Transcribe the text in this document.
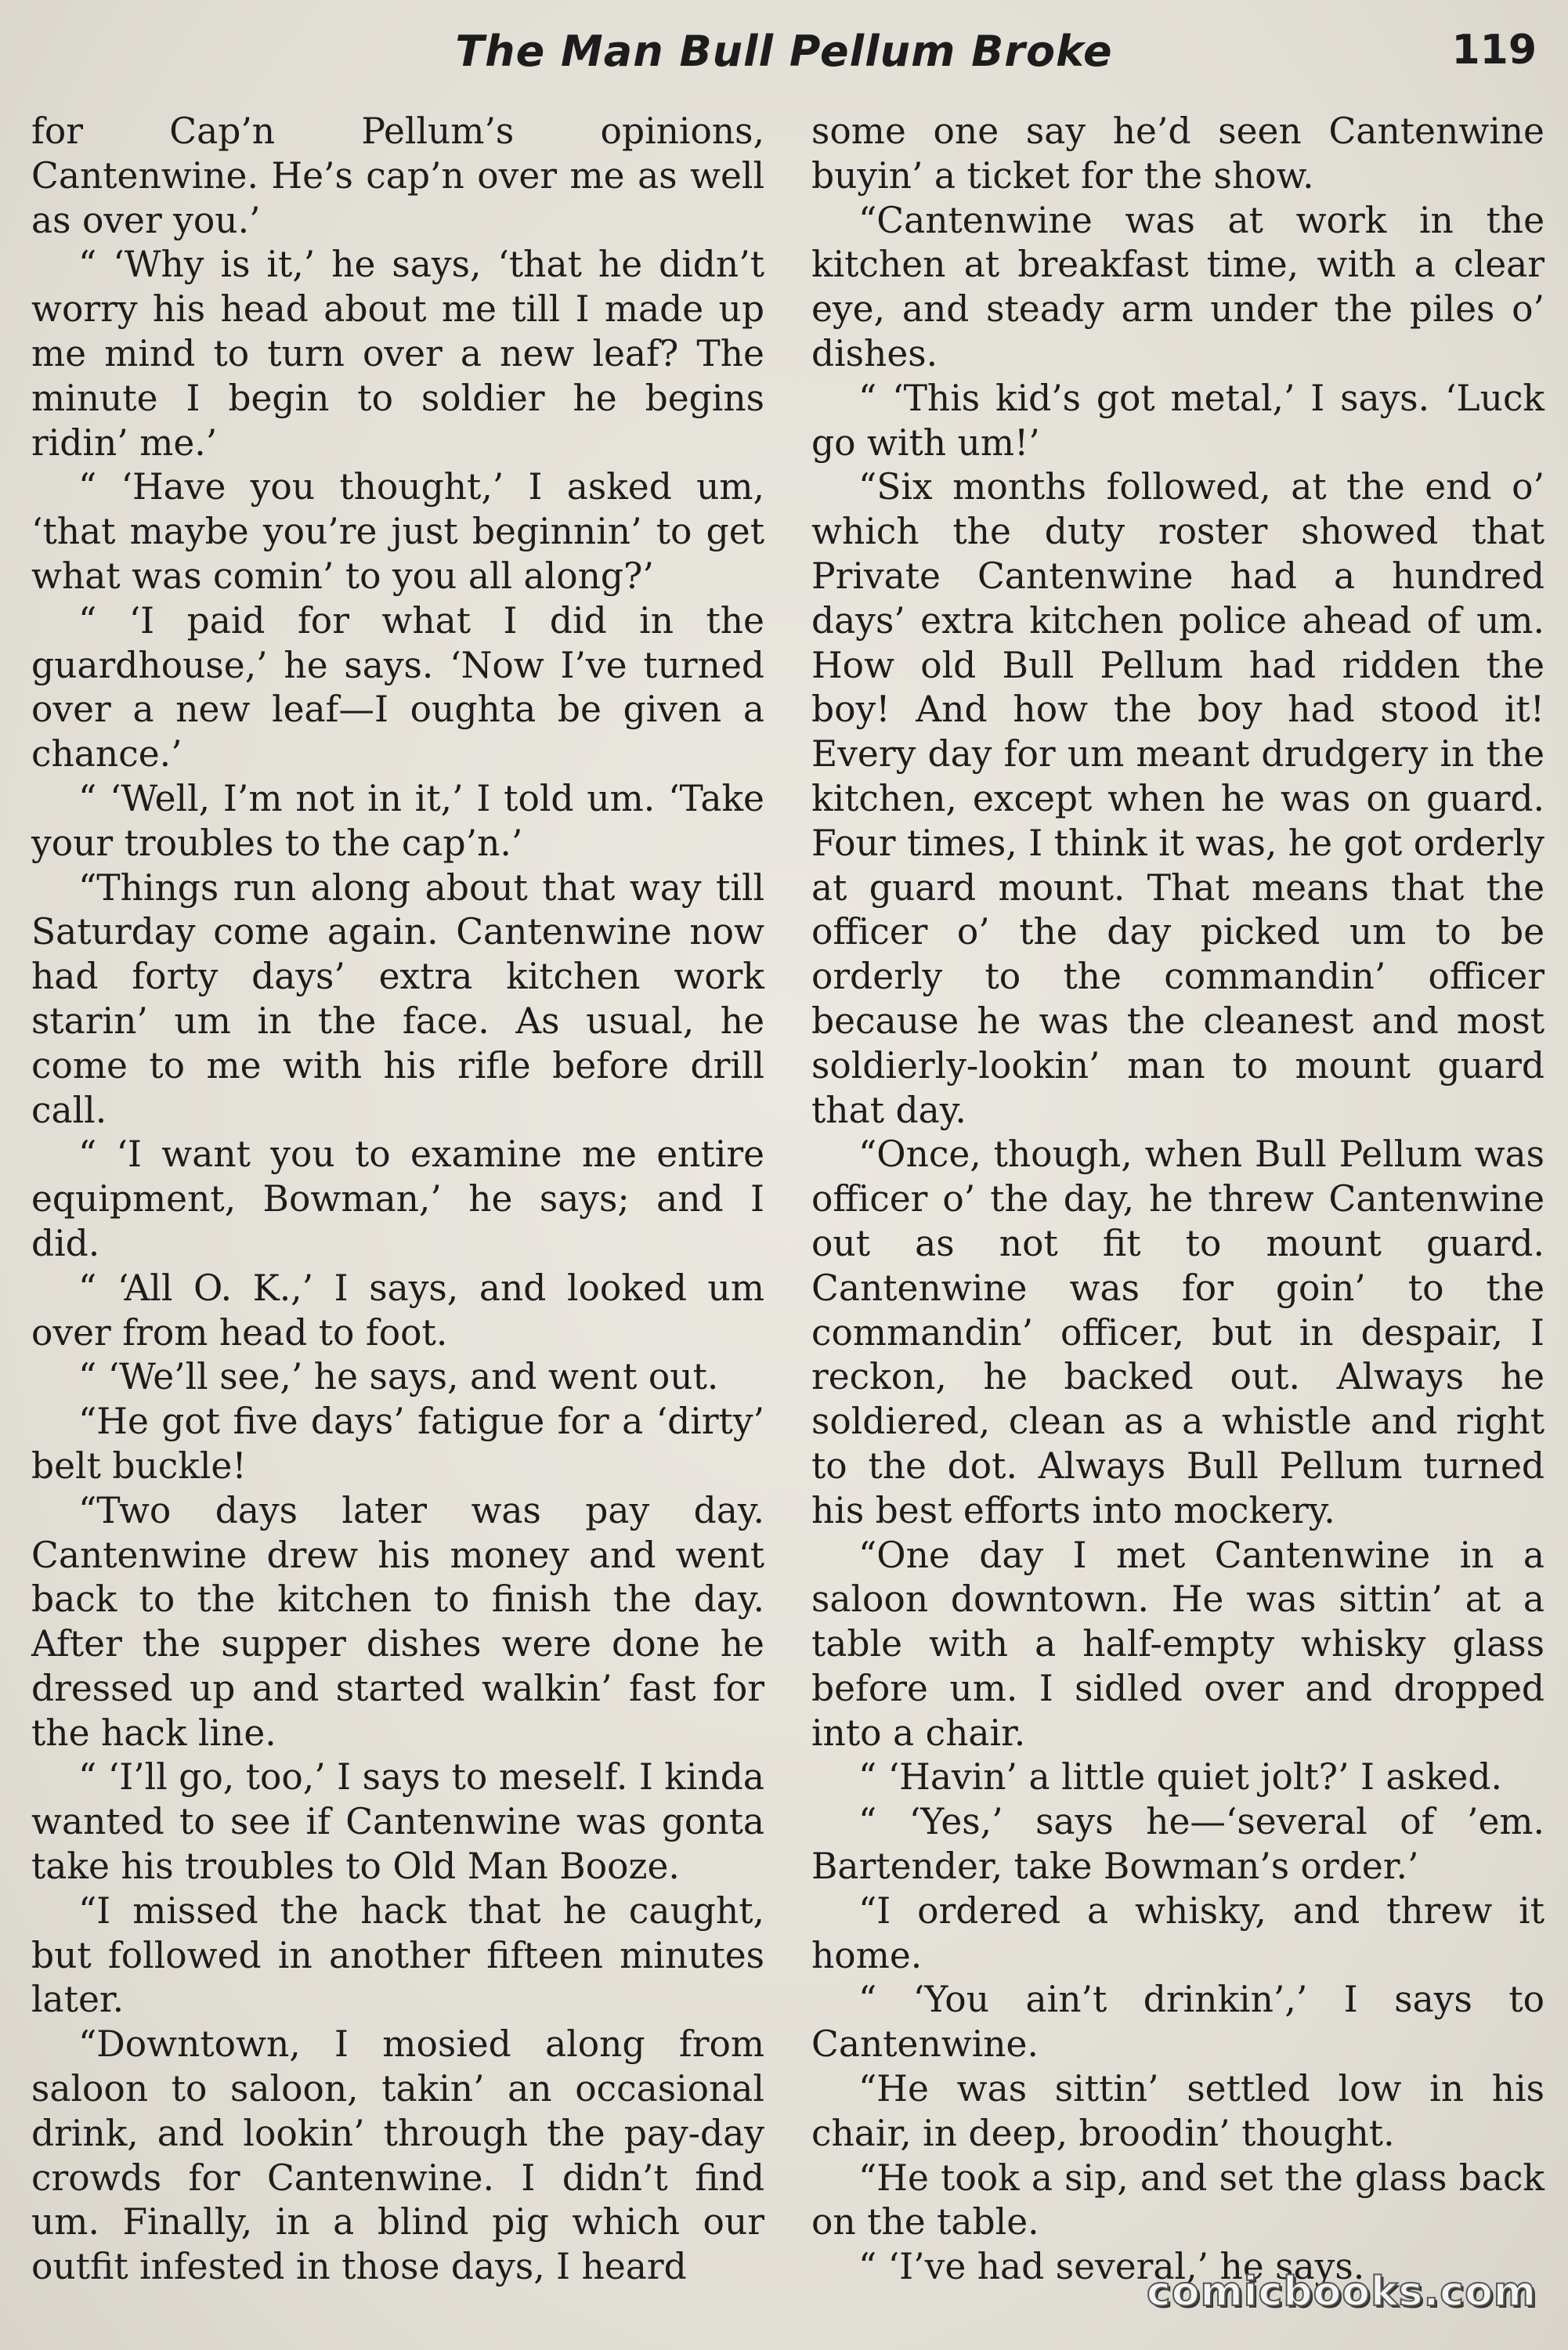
The Man Bull Pellum Broke	119

for Cap’n Pellum’s opinions, Cantenwine. He’s cap’n over me as well as over you.’

“ ‘Why is it,’ he says, ‘that he didn’t worry his head about me till I made up me mind to turn over a new leaf? The minute I begin to soldier he begins ridin’ me.’

“ ‘Have you thought,’ I asked um, ‘that maybe you’re just beginnin’ to get what was comin’ to you all along?’

“ ‘I paid for what I did in the guardhouse,’ he says. ‘Now I’ve turned over a new leaf—I oughta be given a chance.’

“ ‘Well, I’m not in it,’ I told um. ‘Take your troubles to the cap’n.’

“Things run along about that way till Saturday come again. Cantenwine now had forty days’ extra kitchen work starin’ um in the face. As usual, he come to me with his rifle before drill call.

“ ‘I want you to examine me entire equipment, Bowman,’ he says; and I did.

“ ‘All O. K.,’ I says, and looked um over from head to foot.

“ ‘We’ll see,’ he says, and went out.

“He got five days’ fatigue for a ‘dirty’ belt buckle!

“Two days later was pay day. Cantenwine drew his money and went back to the kitchen to finish the day. After the supper dishes were done he dressed up and started walkin’ fast for the hack line.

“ ‘I’ll go, too,’ I says to meself. I kinda wanted to see if Cantenwine was gonta take his troubles to Old Man Booze.

“I missed the hack that he caught, but followed in another fifteen minutes later.

“Downtown, I mosied along from saloon to saloon, takin’ an occasional drink, and lookin’ through the pay-day crowds for Cantenwine. I didn’t find um. Finally, in a blind pig which our outfit infested in those days, I heard

some one say he’d seen Cantenwine buyin’ a ticket for the show.

“Cantenwine was at work in the kitchen at breakfast time, with a clear eye, and steady arm under the piles o’ dishes.

“ ‘This kid’s got metal,’ I says. ‘Luck go with um!’

“Six months followed, at the end o’ which the duty roster showed that Private Cantenwine had a hundred days’ extra kitchen police ahead of um. How old Bull Pellum had ridden the boy! And how the boy had stood it! Every day for um meant drudgery in the kitchen, except when he was on guard. Four times, I think it was, he got orderly at guard mount. That means that the officer o’ the day picked um to be orderly to the commandin’ officer because he was the cleanest and most soldierly-lookin’ man to mount guard that day.

“Once, though, when Bull Pellum was officer o’ the day, he threw Cantenwine out as not fit to mount guard. Cantenwine was for goin’ to the commandin’ officer, but in despair, I reckon, he backed out. Always he soldiered, clean as a whistle and right to the dot. Always Bull Pellum turned his best efforts into mockery.

“One day I met Cantenwine in a saloon downtown. He was sittin’ at a table with a half-empty whisky glass before um. I sidled over and dropped into a chair.

“ ‘Havin’ a little quiet jolt?’ I asked.

“ ‘Yes,’ says he—‘several of ’em. Bartender, take Bowman’s order.’

“I ordered a whisky, and threw it home.

“ ‘You ain’t drinkin’,’ I says to Cantenwine.

“He was sittin’ settled low in his chair, in deep, broodin’ thought.

“He took a sip, and set the glass back on the table.

“ ‘I’ve had several,’ he says.

comicbooks.com
